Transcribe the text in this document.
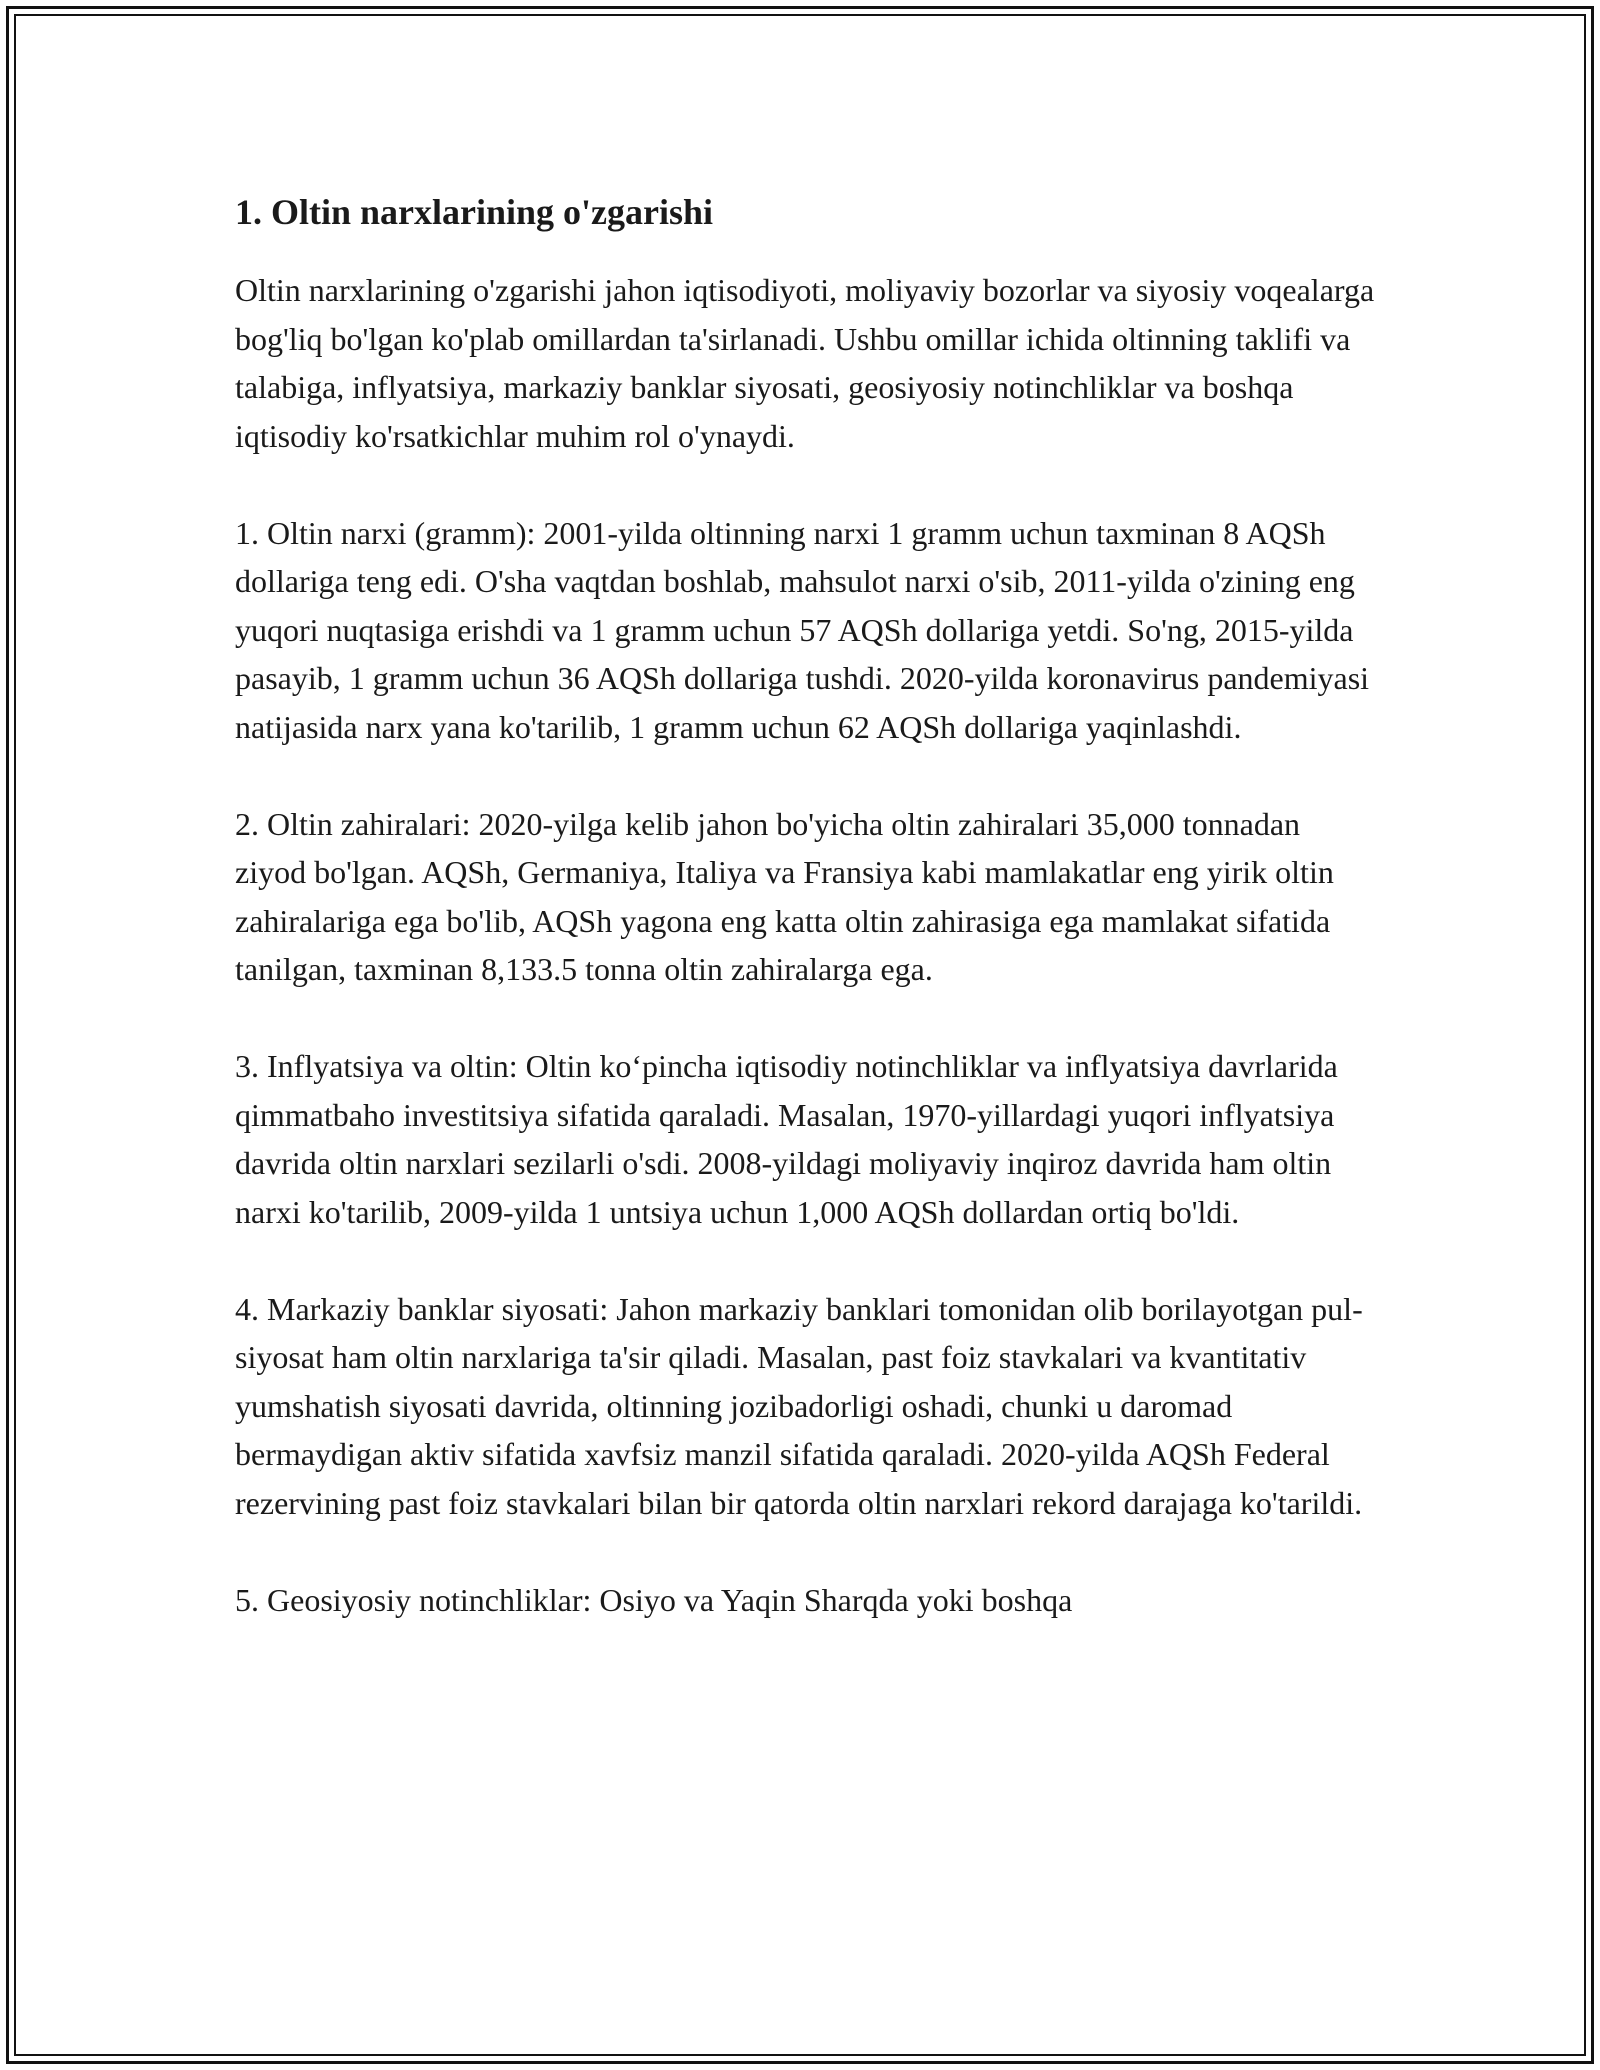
1. Oltin narxlarining o'zgarishi

Oltin narxlarining o'zgarishi jahon iqtisodiyoti, moliyaviy bozorlar va siyosiy voqealarga bog'liq bo'lgan ko'plab omillardan ta'sirlanadi. Ushbu omillar ichida oltinning taklifi va talabiga, inflyatsiya, markaziy banklar siyosati, geosiyosiy notinchliklar va boshqa iqtisodiy ko'rsatkichlar muhim rol o'ynaydi.

1. Oltin narxi (gramm): 2001-yilda oltinning narxi 1 gramm uchun taxminan 8 AQSh dollariga teng edi. O'sha vaqtdan boshlab, mahsulot narxi o'sib, 2011-yilda o'zining eng yuqori nuqtasiga erishdi va 1 gramm uchun 57 AQSh dollariga yetdi. So'ng, 2015-yilda pasayib, 1 gramm uchun 36 AQSh dollariga tushdi. 2020-yilda koronavirus pandemiyasi natijasida narx yana ko'tarilib, 1 gramm uchun 62 AQSh dollariga yaqinlashdi.

2. Oltin zahiralari: 2020-yilga kelib jahon bo'yicha oltin zahiralari 35,000 tonnadan ziyod bo'lgan. AQSh, Germaniya, Italiya va Fransiya kabi mamlakatlar eng yirik oltin zahiralariga ega bo'lib, AQSh yagona eng katta oltin zahirasiga ega mamlakat sifatida tanilgan, taxminan 8,133.5 tonna oltin zahiralarga ega.

3. Inflyatsiya va oltin: Oltin ko‘pincha iqtisodiy notinchliklar va inflyatsiya davrlarida qimmatbaho investitsiya sifatida qaraladi. Masalan, 1970-yillardagi yuqori inflyatsiya davrida oltin narxlari sezilarli o'sdi. 2008-yildagi moliyaviy inqiroz davrida ham oltin narxi ko'tarilib, 2009-yilda 1 untsiya uchun 1,000 AQSh dollardan ortiq bo'ldi.

4. Markaziy banklar siyosati: Jahon markaziy banklari tomonidan olib borilayotgan pul-siyosat ham oltin narxlariga ta'sir qiladi. Masalan, past foiz stavkalari va kvantitativ yumshatish siyosati davrida, oltinning jozibadorligi oshadi, chunki u daromad bermaydigan aktiv sifatida xavfsiz manzil sifatida qaraladi. 2020-yilda AQSh Federal rezervining past foiz stavkalari bilan bir qatorda oltin narxlari rekord darajaga ko'tarildi.

5. Geosiyosiy notinchliklar: Osiyo va Yaqin Sharqda yoki boshqa
